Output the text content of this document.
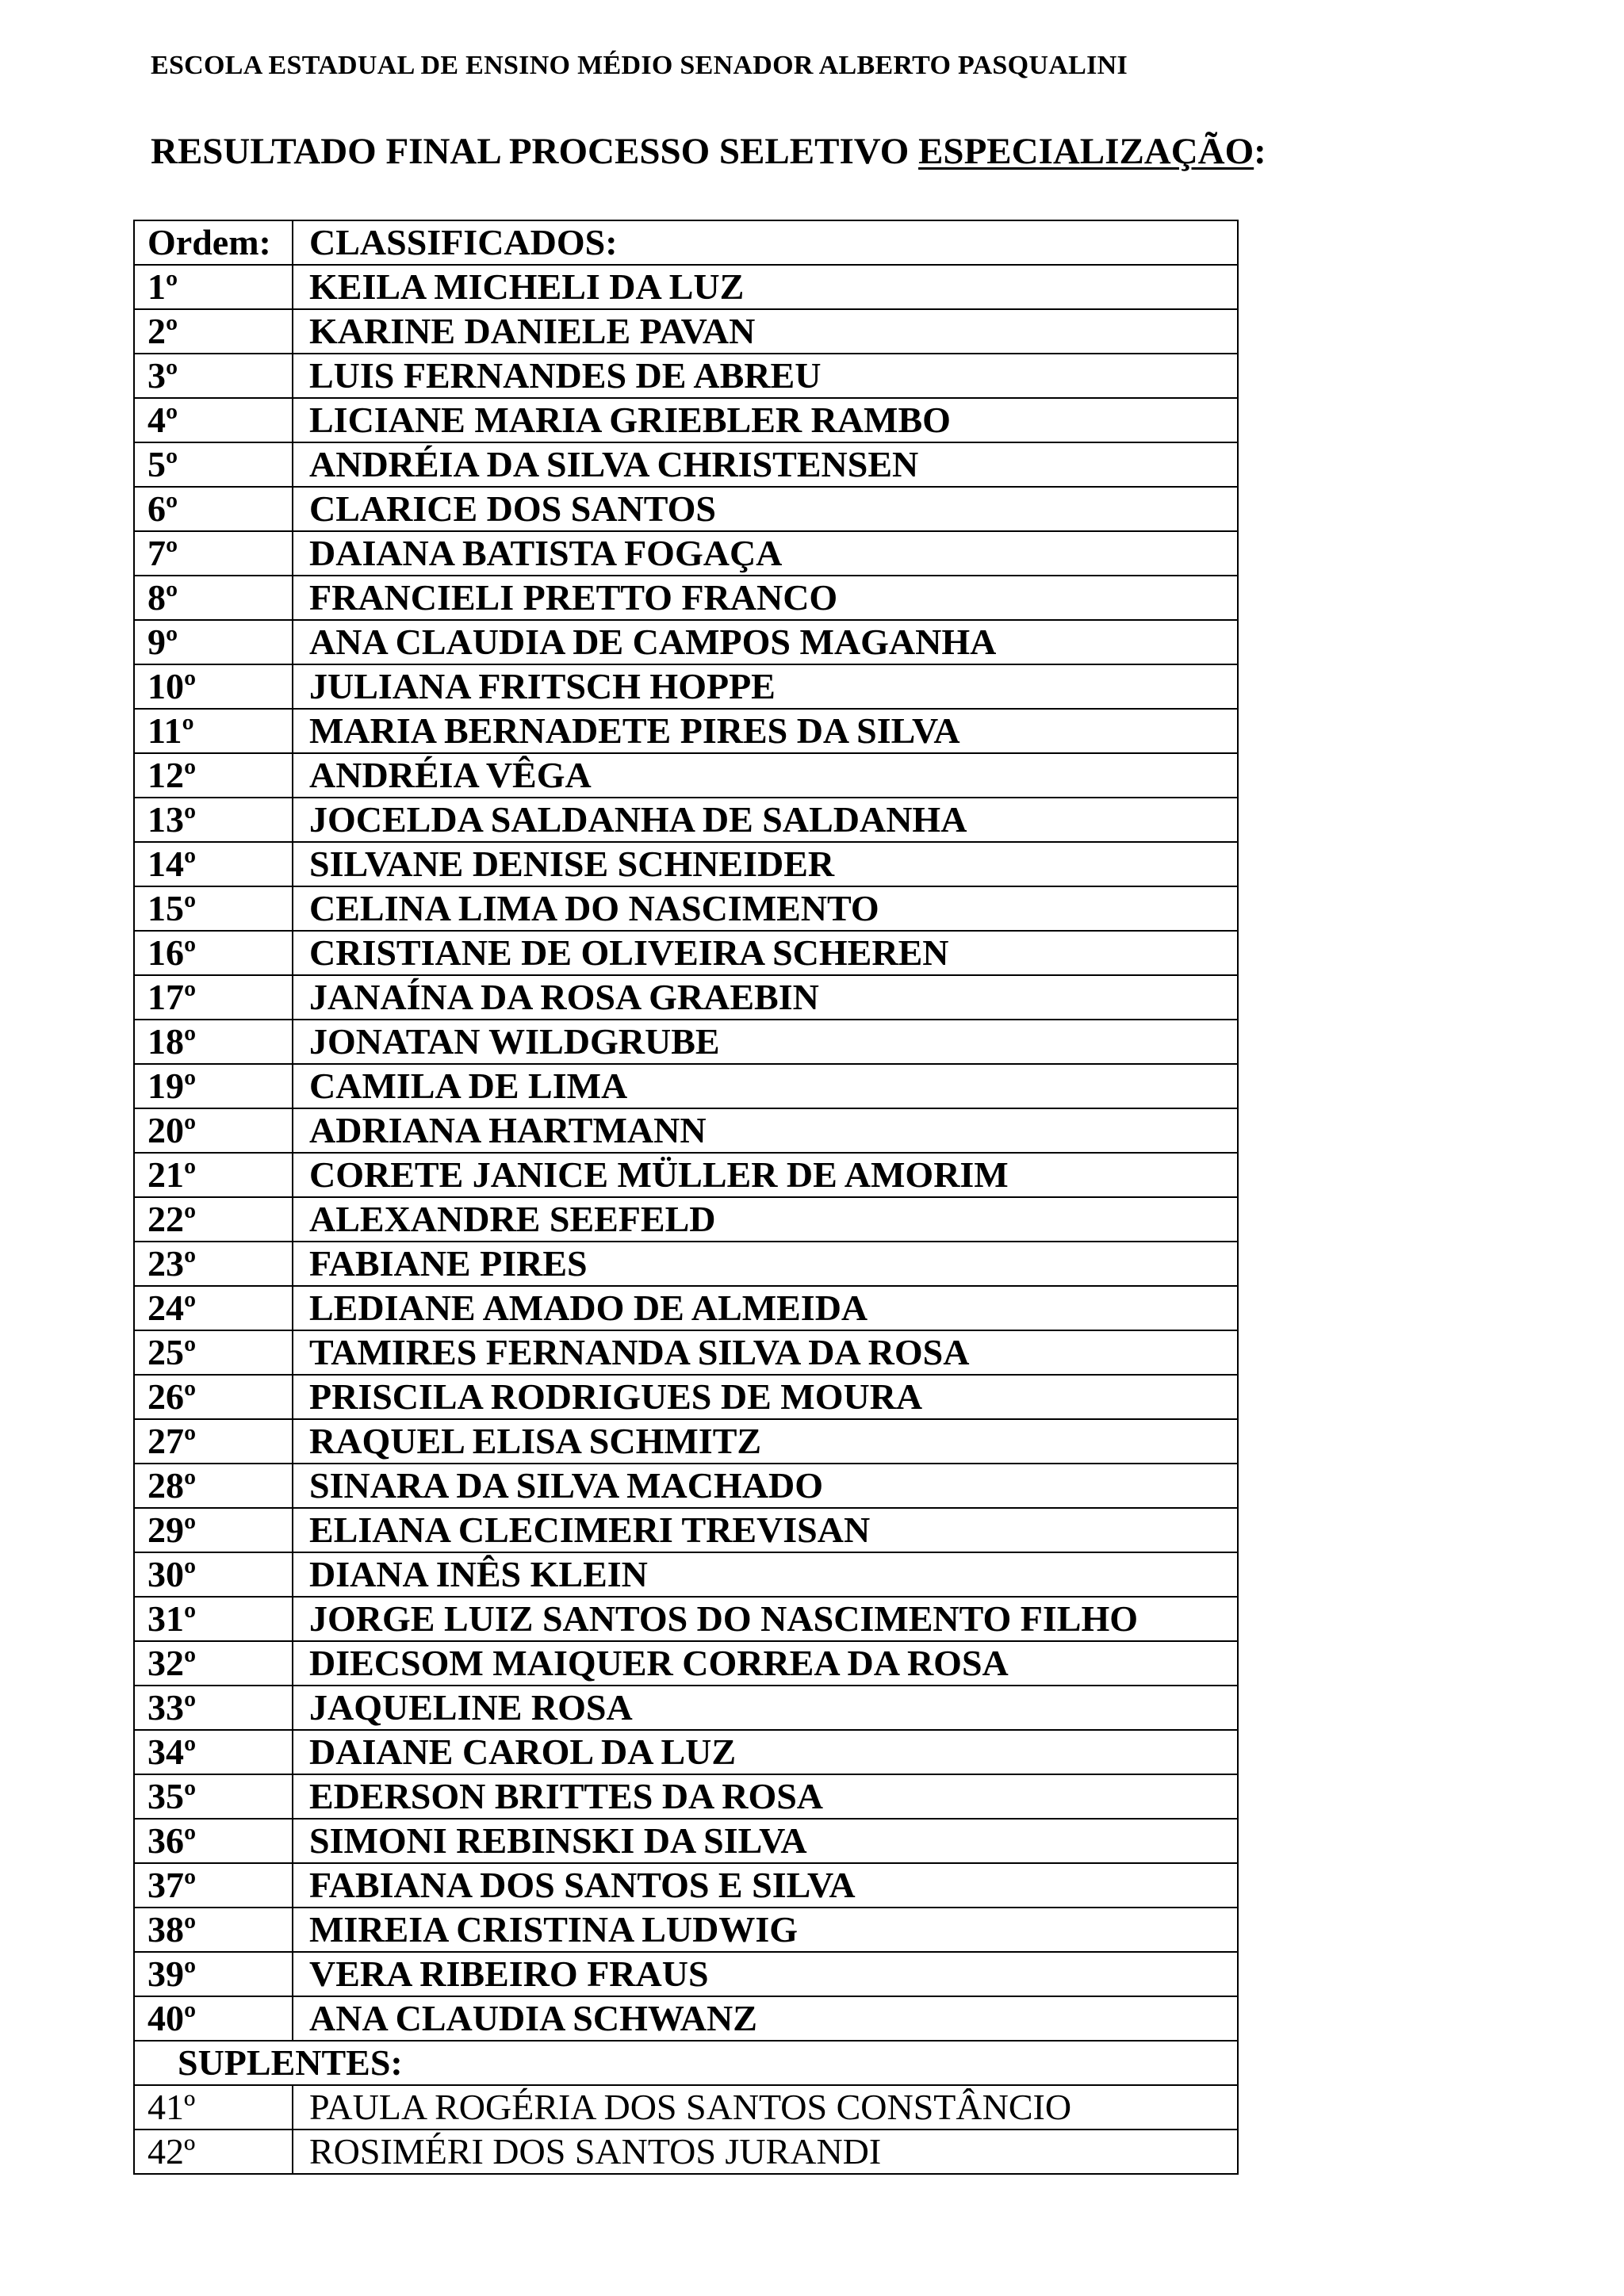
ESCOLA ESTADUAL DE ENSINO MÉDIO SENADOR ALBERTO PASQUALINI
RESULTADO FINAL PROCESSO SELETIVO ESPECIALIZAÇÃO:
Ordem:	CLASSIFICADOS:
1º	KEILA MICHELI DA LUZ
2º	KARINE DANIELE PAVAN
3º	LUIS FERNANDES DE ABREU
4º	LICIANE MARIA GRIEBLER RAMBO
5º	ANDRÉIA DA SILVA CHRISTENSEN
6º	CLARICE DOS SANTOS
7º	DAIANA BATISTA FOGAÇA
8º	FRANCIELI PRETTO FRANCO
9º	ANA CLAUDIA DE CAMPOS MAGANHA
10º	JULIANA FRITSCH HOPPE
11º	MARIA BERNADETE PIRES DA SILVA
12º	ANDRÉIA VÊGA
13º	JOCELDA SALDANHA DE SALDANHA
14º	SILVANE DENISE SCHNEIDER
15º	CELINA LIMA DO NASCIMENTO
16º	CRISTIANE DE OLIVEIRA SCHEREN
17º	JANAÍNA DA ROSA GRAEBIN
18º	JONATAN WILDGRUBE
19º	CAMILA DE LIMA
20º	ADRIANA HARTMANN
21º	CORETE JANICE MÜLLER DE AMORIM
22º	ALEXANDRE SEEFELD
23º	FABIANE PIRES
24º	LEDIANE AMADO DE ALMEIDA
25º	TAMIRES FERNANDA SILVA DA ROSA
26º	PRISCILA RODRIGUES DE MOURA
27º	RAQUEL ELISA SCHMITZ
28º	SINARA DA SILVA MACHADO
29º	ELIANA CLECIMERI TREVISAN
30º	DIANA INÊS KLEIN
31º	JORGE LUIZ SANTOS DO NASCIMENTO FILHO
32º	DIECSOM MAIQUER CORREA DA ROSA
33º	JAQUELINE ROSA
34º	DAIANE CAROL DA LUZ
35º	EDERSON BRITTES DA ROSA
36º	SIMONI REBINSKI DA SILVA
37º	FABIANA DOS SANTOS E SILVA
38º	MIREIA CRISTINA LUDWIG
39º	VERA RIBEIRO FRAUS
40º	ANA CLAUDIA SCHWANZ
SUPLENTES:	
41º	PAULA ROGÉRIA DOS SANTOS CONSTÂNCIO
42º	ROSIMÉRI DOS SANTOS JURANDI
